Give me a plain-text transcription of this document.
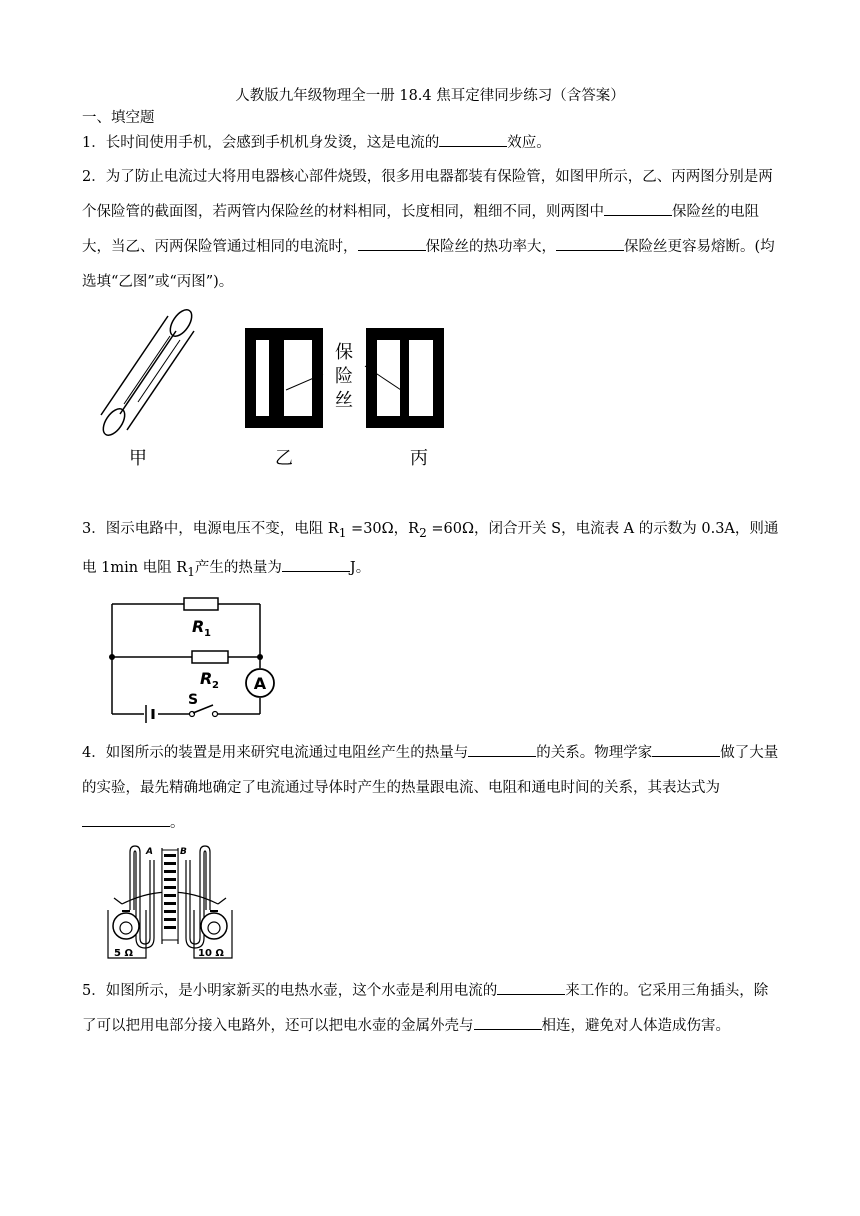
人教版九年级物理全一册 18.4 焦耳定律同步练习（含答案）
一、填空题
1．长时间使用手机，会感到手机机身发烫，这是电流的	效应。
2．为了防止电流过大将用电器核心部件烧毁，很多用电器都装有保险管，如图甲所示，乙、丙两图分别是两个保险管的截面图，若两管内保险丝的材料相同，长度相同，粗细不同，则两图中	保险丝的电阻大，当乙、丙两保险管通过相同的电流时，	保险丝的热功率大，	保险丝更容易熔断。(均选填“乙图”或“丙图”)。
保
险
丝
甲	乙	丙
3．图示电路中，电源电压不变，电阻 $R_1 =30\Omega$，$R_2 =60\Omega$，闭合开关 S，电流表 A 的示数为 0.3A，则通电 1min 电阻 $R_1$产生的热量为	J。
A
R 1
R 2
S
4．如图所示的装置是用来研究电流通过电阻丝产生的热量与	的关系。物理学家	做了大量的实验，最先精确地确定了电流通过导体时产生的热量跟电流、电阻和通电时间的关系，其表达式为。
A	B
5 Ω	10 Ω
5．如图所示，是小明家新买的电热水壶，这个水壶是利用电流的	来工作的。它采用三角插头，除了可以把用电部分接入电路外，还可以把电水壶的金属外壳与	相连，避免对人体造成伤害。
